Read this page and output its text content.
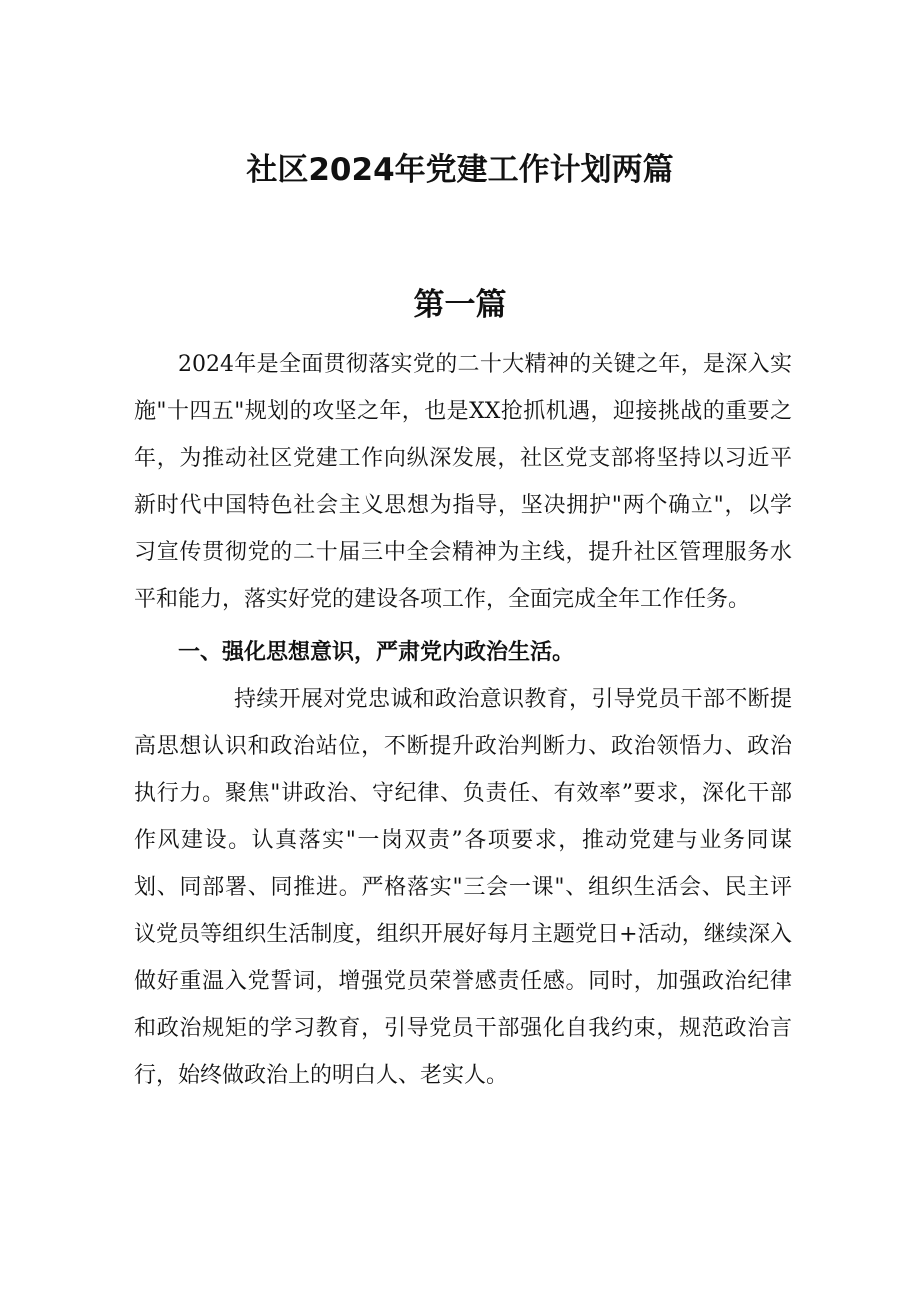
社区2024年党建工作计划两篇
第一篇

2024年是全面贯彻落实党的二十大精神的关键之年，是深入实施"十四五"规划的攻坚之年，也是XX抢抓机遇，迎接挑战的重要之年，为推动社区党建工作向纵深发展，社区党支部将坚持以习近平新时代中国特色社会主义思想为指导，坚决拥护"两个确立"，以学习宣传贯彻党的二十届三中全会精神为主线，提升社区管理服务水平和能力，落实好党的建设各项工作，全面完成全年工作任务。

一、强化思想意识，严肃党内政治生活。

持续开展对党忠诚和政治意识教育，引导党员干部不断提高思想认识和政治站位，不断提升政治判断力、政治领悟力、政治执行力。聚焦"讲政治、守纪律、负责任、有效率”要求，深化干部作风建设。认真落实"一岗双责”各项要求，推动党建与业务同谋划、同部署、同推进。严格落实"三会一课"、组织生活会、民主评议党员等组织生活制度，组织开展好每月主题党日+活动，继续深入做好重温入党誓词，增强党员荣誉感责任感。同时，加强政治纪律和政治规矩的学习教育，引导党员干部强化自我约束，规范政治言行，始终做政治上的明白人、老实人。
